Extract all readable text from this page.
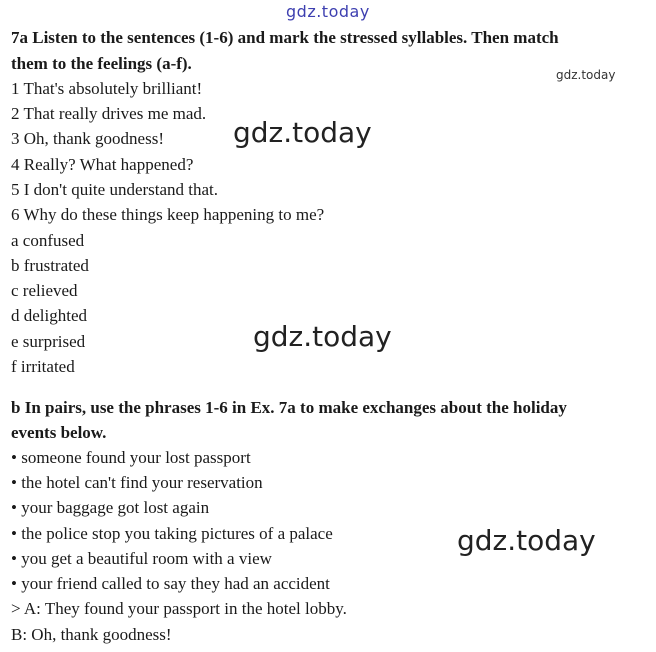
gdz.today
7a Listen to the sentences (1-6) and mark the stressed syllables. Then match
them to the feelings (a-f).
gdz.today
1 That's absolutely brilliant!
2 That really drives me mad.
3 Oh, thank goodness!
4 Really? What happened?
5 I don't quite understand that.
6 Why do these things keep happening to me?
gdz.today
a confused
b frustrated
c relieved
d delighted
e surprised
f irritated
gdz.today
b In pairs, use the phrases 1-6 in Ex. 7a to make exchanges about the holiday
events below.
• someone found your lost passport
• the hotel can't find your reservation
• your baggage got lost again
• the police stop you taking pictures of a palace
• you get a beautiful room with a view
• your friend called to say they had an accident
gdz.today
> A: They found your passport in the hotel lobby.
B: Oh, thank goodness!
